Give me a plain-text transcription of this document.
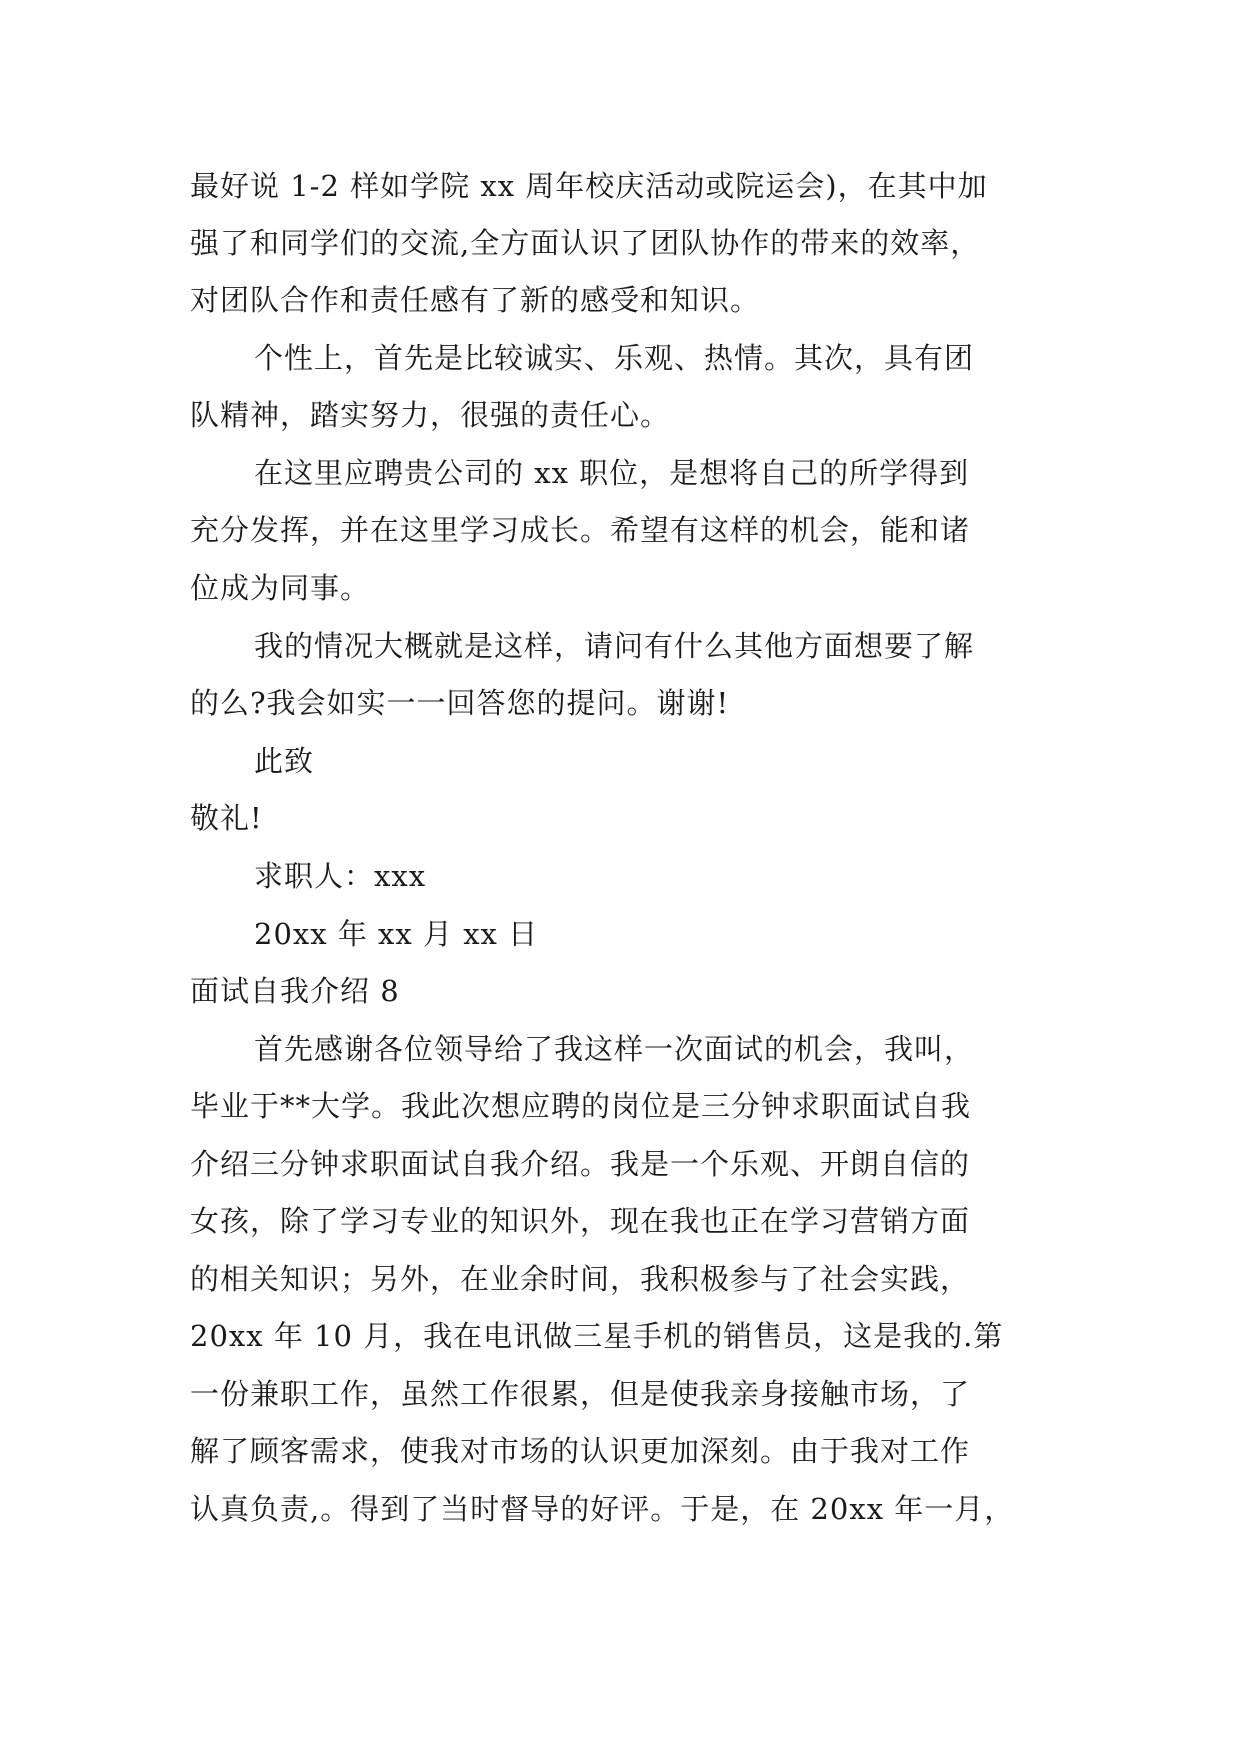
最好说 1-2 样如学院 xx 周年校庆活动或院运会)，在其中加
强了和同学们的交流,全方面认识了团队协作的带来的效率，
对团队合作和责任感有了新的感受和知识。
个性上，首先是比较诚实、乐观、热情。其次，具有团
队精神，踏实努力，很强的责任心。
在这里应聘贵公司的 xx 职位，是想将自己的所学得到
充分发挥，并在这里学习成长。希望有这样的机会，能和诸
位成为同事。
我的情况大概就是这样，请问有什么其他方面想要了解
的么?我会如实一一回答您的提问。谢谢!
此致
敬礼!
求职人：xxx
20xx 年 xx 月 xx 日
面试自我介绍 8
首先感谢各位领导给了我这样一次面试的机会，我叫，
毕业于**大学。我此次想应聘的岗位是三分钟求职面试自我
介绍三分钟求职面试自我介绍。我是一个乐观、开朗自信的
女孩，除了学习专业的知识外，现在我也正在学习营销方面
的相关知识；另外，在业余时间，我积极参与了社会实践，
20xx 年 10 月，我在电讯做三星手机的销售员，这是我的.第
一份兼职工作，虽然工作很累，但是使我亲身接触市场，了
解了顾客需求，使我对市场的认识更加深刻。由于我对工作
认真负责,。得到了当时督导的好评。于是，在 20xx 年一月，
